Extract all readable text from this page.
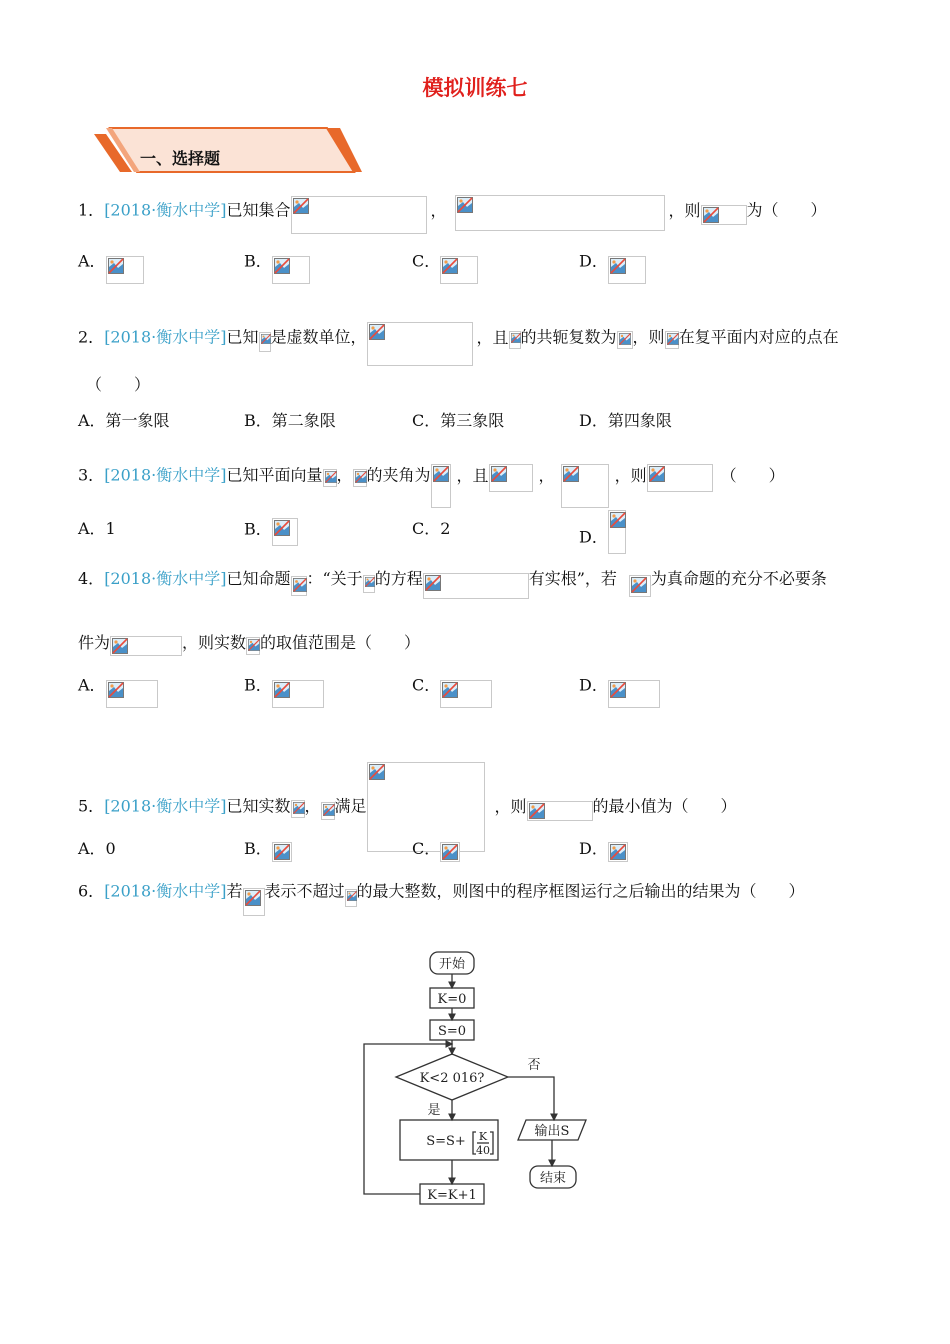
模拟训练七
一、选择题
1．[2018·衡水中学]已知集合	，	，则	为（　　）
A．	B．	C．	D．
2．[2018·衡水中学]已知 是虚数单位，	，且 的共轭复数为 ，则 在复平面内对应的点在
（　　）
A．第一象限	B．第二象限	C．第三象限	D．第四象限
3．[2018·衡水中学]已知平面向量 ， 的夹角为 ，且	，	，则	（　　）
A．1	B．	C．2	D．
4．[2018·衡水中学]已知命题 ：“关于 的方程	有实根”，若 为真命题的充分不必要条
件为	，则实数 的取值范围是（　　）
A．	B．	C．	D．
5．[2018·衡水中学]已知实数 ， 满足	，则	的最小值为（　　）
A．0	B．	C．	D．
6．[2018·衡水中学]若 表示不超过 的最大整数，则图中的程序框图运行之后输出的结果为（　　）
开始
K=0
S=0
K<2 016?
否
是
S=S+ K
40
K=K+1
输出S
结束
